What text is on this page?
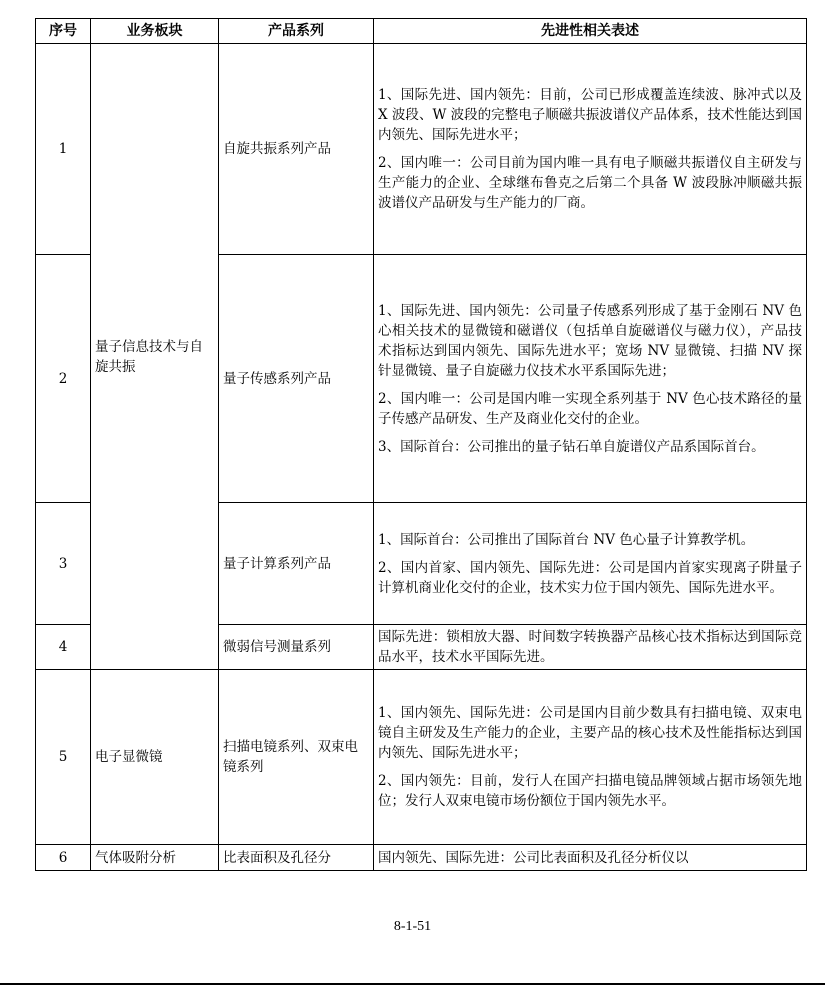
序号	业务板块	产品系列	先进性相关表述
1	量子信息技术与自旋共振	自旋共振系列产品	1、国际先进、国内领先：目前，公司已形成覆盖连续波、脉冲式以及 X 波段、W 波段的完整电子顺磁共振波谱仪产品体系，技术性能达到国内领先、国际先进水平；

2、国内唯一：公司目前为国内唯一具有电子顺磁共振谱仪自主研发与生产能力的企业、全球继布鲁克之后第二个具备 W 波段脉冲顺磁共振波谱仪产品研发与生产能力的厂商。

2		量子传感系列产品	1、国际先进、国内领先：公司量子传感系列形成了基于金刚石 NV 色心相关技术的显微镜和磁谱仪（包括单自旋磁谱仪与磁力仪），产品技术指标达到国内领先、国际先进水平；宽场 NV 显微镜、扫描 NV 探针显微镜、量子自旋磁力仪技术水平系国际先进；

2、国内唯一：公司是国内唯一实现全系列基于 NV 色心技术路径的量子传感产品研发、生产及商业化交付的企业。

3、国际首台：公司推出的量子钻石单自旋谱仪产品系国际首台。

3		量子计算系列产品	1、国际首台：公司推出了国际首台 NV 色心量子计算教学机。

2、国内首家、国内领先、国际先进：公司是国内首家实现离子阱量子计算机商业化交付的企业，技术实力位于国内领先、国际先进水平。

4		微弱信号测量系列	国际先进：锁相放大器、时间数字转换器产品核心技术指标达到国际竞品水平，技术水平国际先进。

5	电子显微镜	扫描电镜系列、双束电镜系列	1、国内领先、国际先进：公司是国内目前少数具有扫描电镜、双束电镜自主研发及生产能力的企业，主要产品的核心技术及性能指标达到国内领先、国际先进水平；

2、国内领先：目前，发行人在国产扫描电镜品牌领域占据市场领先地位；发行人双束电镜市场份额位于国内领先水平。

6	气体吸附分析	比表面积及孔径分	国内领先、国际先进：公司比表面积及孔径分析仪以

8-1-51
